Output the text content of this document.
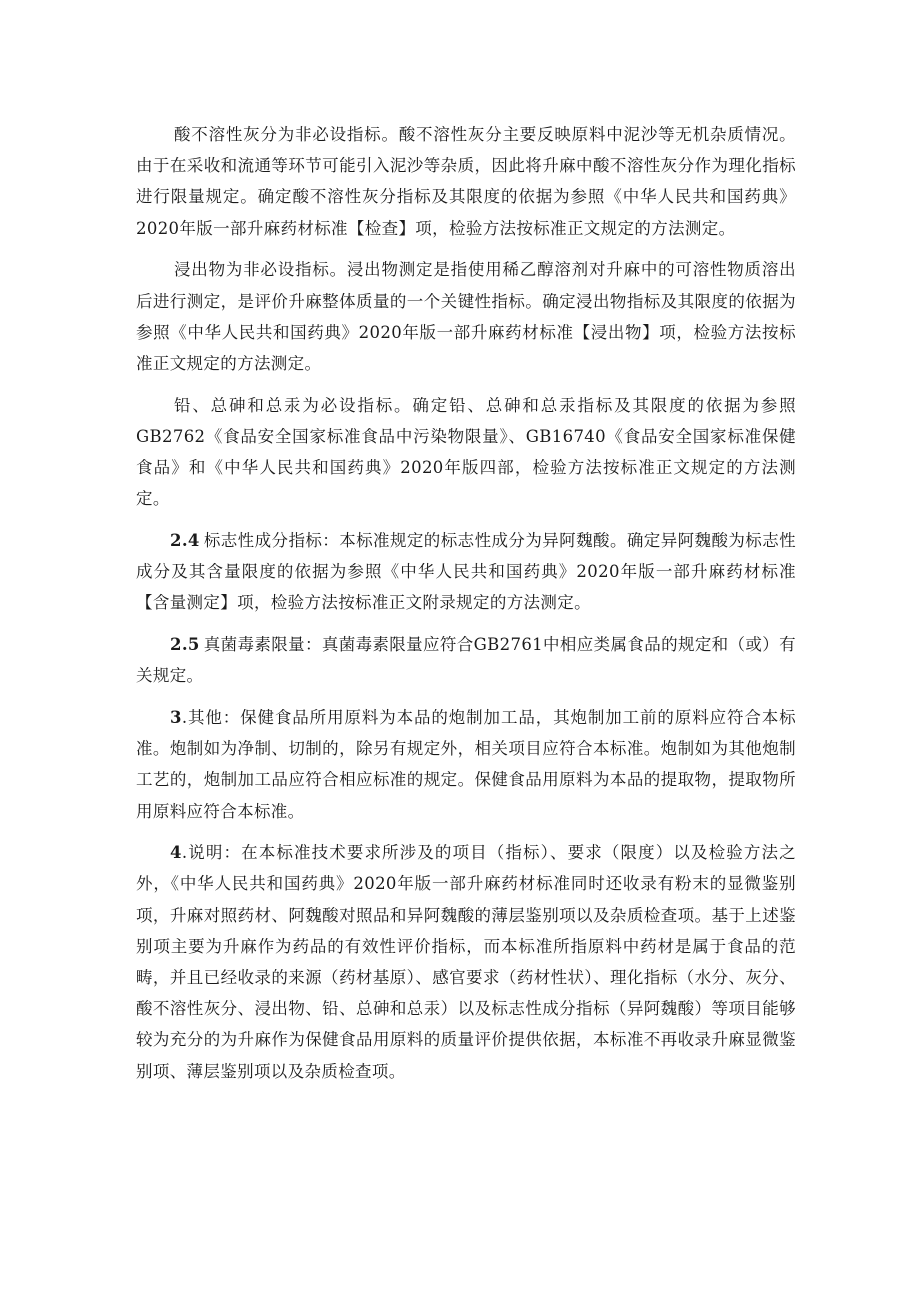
酸不溶性灰分为非必设指标。酸不溶性灰分主要反映原料中泥沙等无机杂质情况。由于在采收和流通等环节可能引入泥沙等杂质，因此将升麻中酸不溶性灰分作为理化指标进行限量规定。确定酸不溶性灰分指标及其限度的依据为参照《中华人民共和国药典》2020年版一部升麻药材标准【检查】项，检验方法按标准正文规定的方法测定。

浸出物为非必设指标。浸出物测定是指使用稀乙醇溶剂对升麻中的可溶性物质溶出后进行测定，是评价升麻整体质量的一个关键性指标。确定浸出物指标及其限度的依据为参照《中华人民共和国药典》2020年版一部升麻药材标准【浸出物】项，检验方法按标准正文规定的方法测定。

铅、总砷和总汞为必设指标。确定铅、总砷和总汞指标及其限度的依据为参照GB2762《食品安全国家标准食品中污染物限量》、GB16740《食品安全国家标准保健食品》和《中华人民共和国药典》2020年版四部，检验方法按标准正文规定的方法测定。

2.4 标志性成分指标：本标准规定的标志性成分为异阿魏酸。确定异阿魏酸为标志性成分及其含量限度的依据为参照《中华人民共和国药典》2020年版一部升麻药材标准【含量测定】项，检验方法按标准正文附录规定的方法测定。

2.5 真菌毒素限量：真菌毒素限量应符合GB2761中相应类属食品的规定和（或）有关规定。

3.其他：保健食品所用原料为本品的炮制加工品，其炮制加工前的原料应符合本标准。炮制如为净制、切制的，除另有规定外，相关项目应符合本标准。炮制如为其他炮制工艺的，炮制加工品应符合相应标准的规定。保健食品用原料为本品的提取物，提取物所用原料应符合本标准。

4.说明：在本标准技术要求所涉及的项目（指标）、要求（限度）以及检验方法之外，《中华人民共和国药典》2020年版一部升麻药材标准同时还收录有粉末的显微鉴别项，升麻对照药材、阿魏酸对照品和异阿魏酸的薄层鉴别项以及杂质检查项。基于上述鉴别项主要为升麻作为药品的有效性评价指标，而本标准所指原料中药材是属于食品的范畴，并且已经收录的来源（药材基原）、感官要求（药材性状）、理化指标（水分、灰分、酸不溶性灰分、浸出物、铅、总砷和总汞）以及标志性成分指标（异阿魏酸）等项目能够较为充分的为升麻作为保健食品用原料的质量评价提供依据，本标准不再收录升麻显微鉴别项、薄层鉴别项以及杂质检查项。
